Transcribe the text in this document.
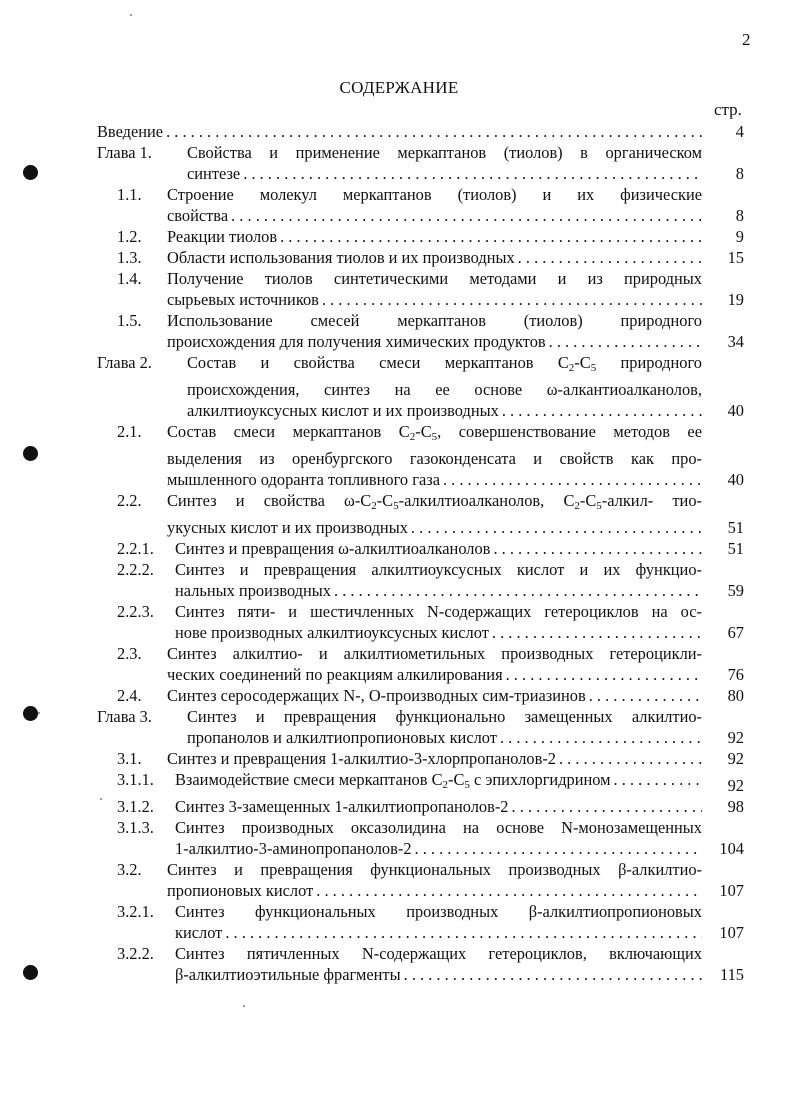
2
СОДЕРЖАНИЕ
стр.
Введение . . .	4
Глава 1. Свойства и применение меркаптанов (тиолов) в органическом
синтезе . . .	8
1.1. Строение молекул меркаптанов (тиолов) и их физические
свойства . . .	8
1.2. Реакции тиолов . . .	9
1.3. Области использования тиолов и их производных . . .	15
1.4. Получение тиолов синтетическими методами и из природных
сырьевых источников . . .	19
1.5. Использование смесей меркаптанов (тиолов) природного
происхождения для получения химических продуктов . . .	34
Глава 2. Состав и свойства смеси меркаптанов $C_2-C_5$ природного
происхождения, синтез на ее основе ω-алкантиоалканолов,
алкилтиоуксусных кислот и их производных . . .	40
2.1. Состав смеси меркаптанов $C_2-C_5$, совершенствование методов ее
выделения из оренбургского газоконденсата и свойств как про-
мышленного одоранта топливного газа . . .	40
2.2. Синтез и свойства $\omega-C_2-C_5$-алкилтиоалканолов, $C_2-C_5-алкил-$ тио-
укусных кислот и их производных . . .	51
2.2.1. Синтез и превращения ω-алкилтиоалканолов . . .	51
2.2.2. Синтез и превращения алкилтиоуксусных кислот и их функцио-
нальных производных . . .	59
2.2.3. Синтез пяти- и шестичленных N-содержащих гетероциклов на ос-
нове производных алкилтиоуксусных кислот . . .	67
2.3. Синтез алкилтио- и алкилтиометильных производных гетероцикли-
ческих соединений по реакциям алкилирования . . .	76
2.4. Синтез серосодержащих N-, O-производных сим-триазинов . . .	80
Глава 3. Синтез и превращения функционально замещенных алкилтио-
пропанолов и алкилтиопропионовых кислот . . .	92
3.1. Синтез и превращения 1-алкилтио-3-хлорпропанолов-2 . . .	92
3.1.1. Взаимодействие смеси меркаптанов $C_2-C_5$ с эпихлоргидрином . . .	92
3.1.2. Синтез 3-замещенных 1-алкилтиопропанолов-2 . . .	98
3.1.3. Синтез производных оксазолидина на основе N-монозамещенных
1-алкилтио-3-аминопропанолов-2 . . .	104
3.2. Синтез и превращения функциональных производных β-алкилтио-
пропионовых кислот . . .	107
3.2.1. Синтез функциональных производных β-алкилтиопропионовых
кислот . . .	107
3.2.2. Синтез пятичленных N-содержащих гетероциклов, включающих
β-алкилтиоэтильные фрагменты . . .	115
